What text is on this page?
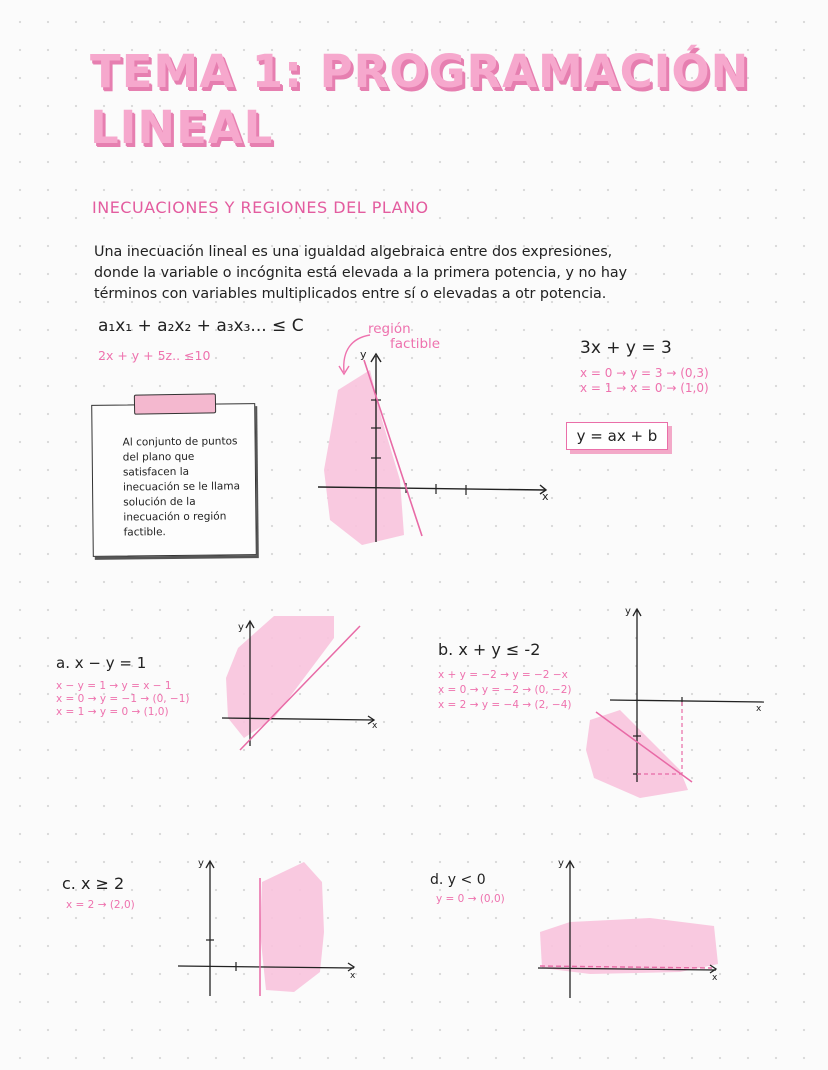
TEMA 1: PROGRAMACIÓN
LINEAL
INECUACIONES Y REGIONES DEL PLANO
Una inecuación lineal es una igualdad algebraica entre dos expresiones,
donde la variable o incógnita está elevada a la primera potencia, y no hay
términos con variables multiplicados entre sí o elevadas a otr potencia.
a₁x₁ + a₂x₂ + a₃x₃... ≤ C
2x + y + 5z.. ≤10
Al conjunto de puntos del plano que satisfacen la inecuación se le llama solución de la inecuación o región factible.
región
factible
y
x
3x + y = 3
x = 0 → y = 3 → (0,3)
x = 1 → x = 0 → (1,0)
y = ax + b
a. x − y = 1
x − y = 1 → y = x − 1
x = 0 → y = −1 → (0, −1)
x = 1 → y = 0 → (1,0)
y
x
b. x + y ≤ -2
x + y = −2 → y = −2 −x
x = 0 → y = −2 → (0, −2)
x = 2 → y = −4 → (2, −4)
y
x
c. x ≥ 2
x = 2 → (2,0)
y
x
d. y < 0
y = 0 → (0,0)
y
x
